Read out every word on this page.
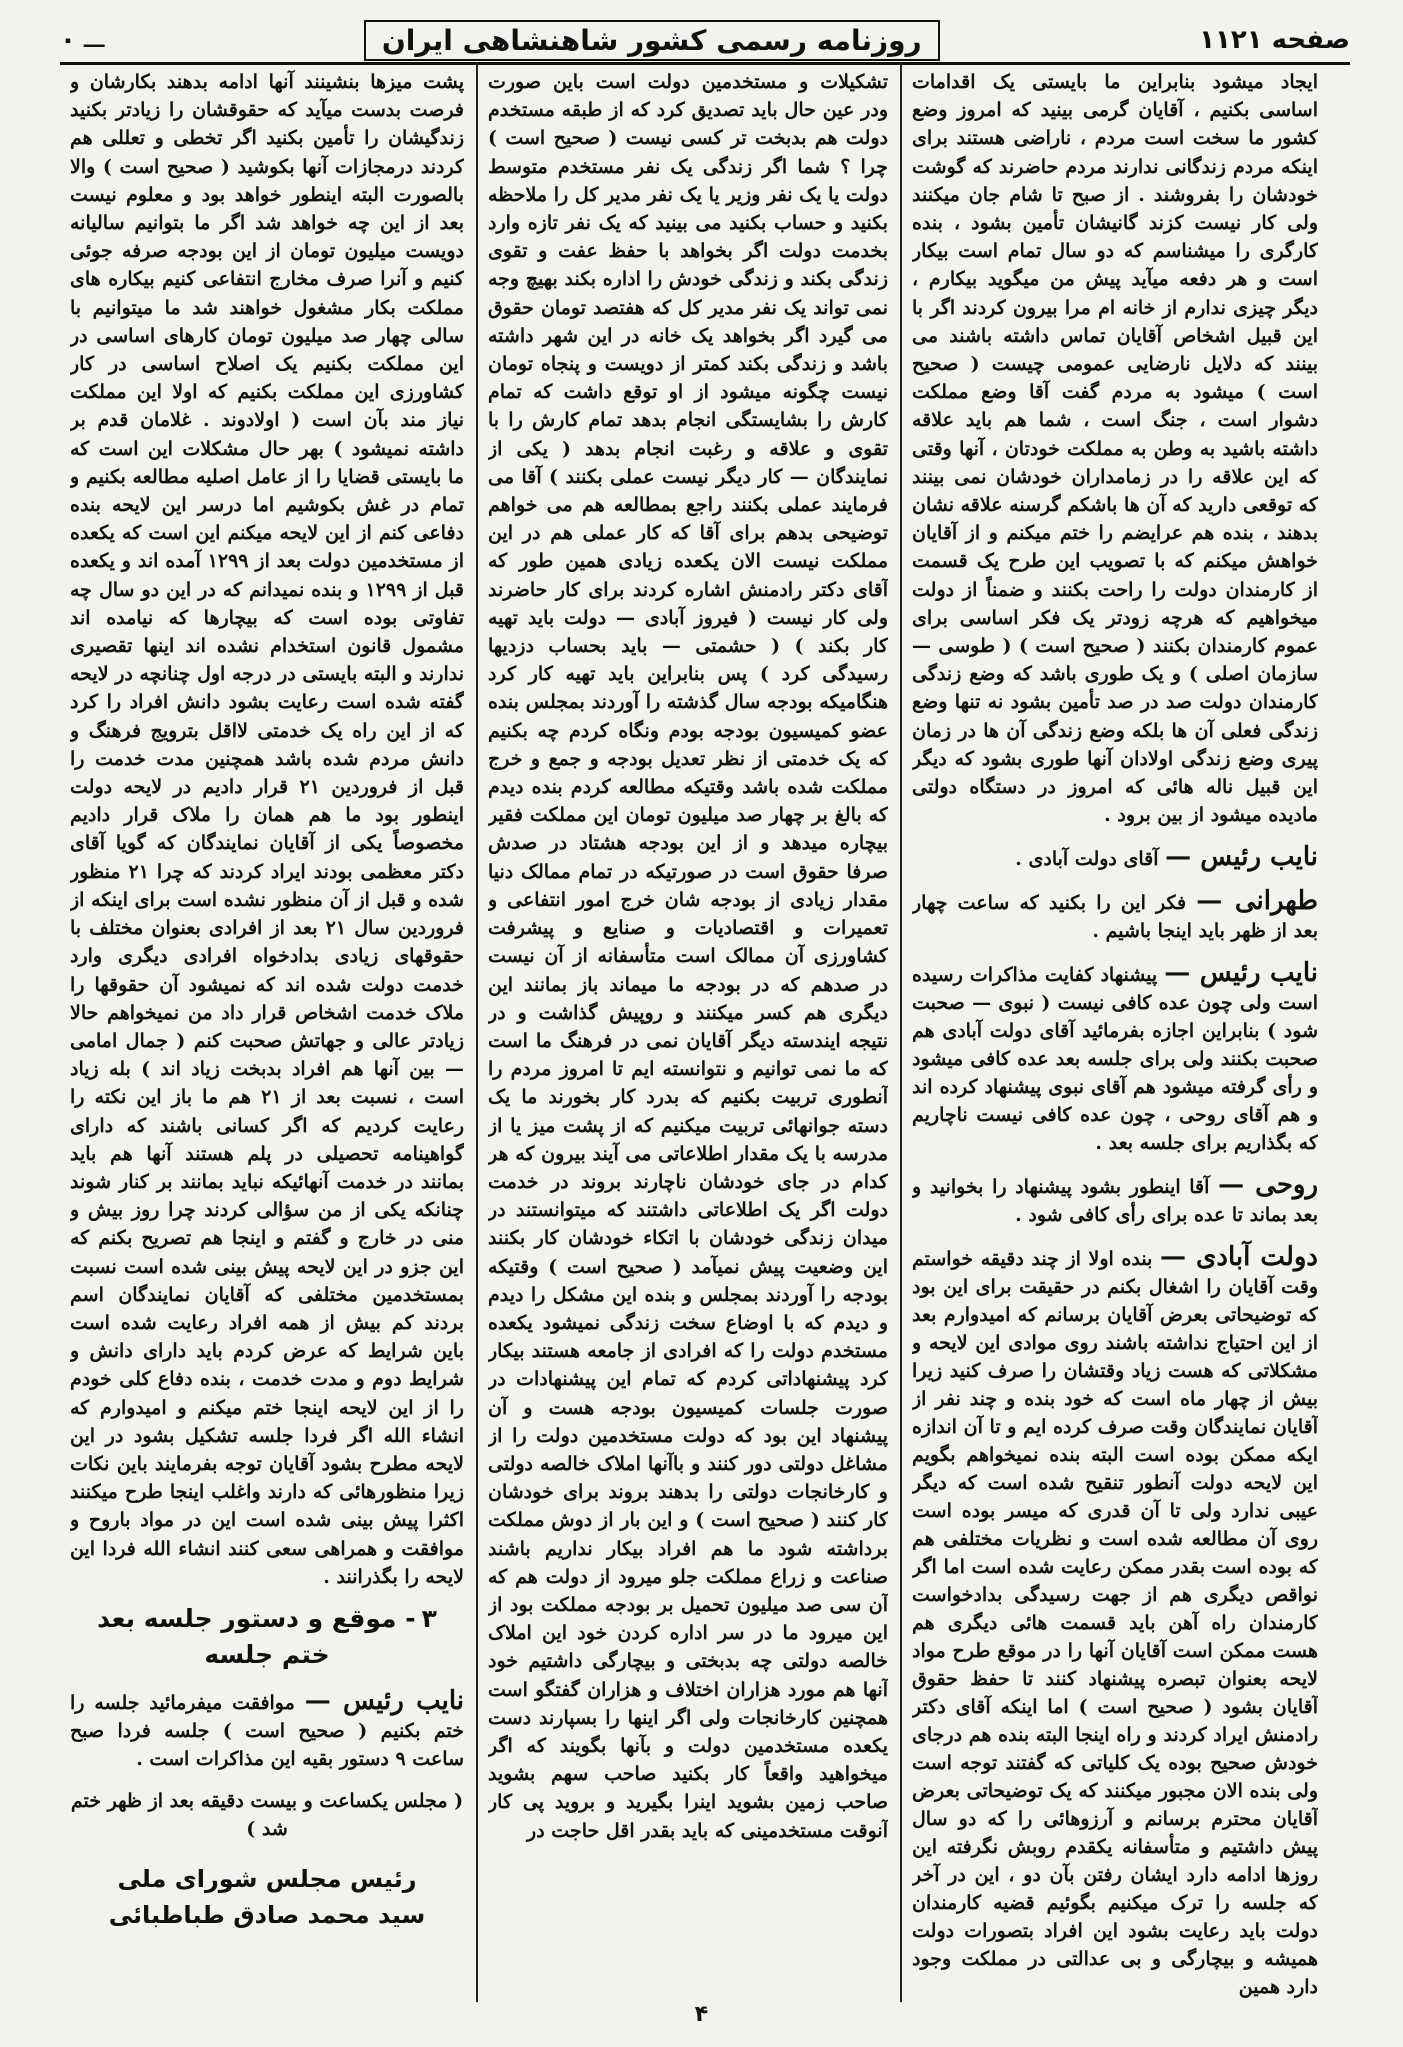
صفحه ۱۱۲۱
روزنامه رسمی کشور شاهنشاهی ایران
ـــ
۰

ایجاد میشود بنابراین ما بایستی یک اقدامات اساسی بکنیم ، آقایان گرمی بینید که امروز وضع کشور ما سخت است مردم ، ناراضی هستند برای اینکه مردم زندگانی ندارند مردم حاضرند که گوشت خودشان را بفروشند . از صبح تا شام جان میکنند ولی کار نیست کزند گانیشان تأمین بشود ، بنده کارگری را میشناسم که دو سال تمام است بیکار است و هر دفعه میآید پیش من میگوید بیکارم ، دیگر چیزی ندارم از خانه ام مرا بیرون کردند اگر با این قبیل اشخاص آقایان تماس داشته باشند می بینند که دلایل نارضایی عمومی چیست ( صحیح است ) میشود به مردم گفت آقا وضع مملکت دشوار است ، جنگ است ، شما هم باید علاقه داشته باشید به وطن به مملکت خودتان ، آنها وقتی که این علاقه را در زمامداران خودشان نمی بینند که توقعی دارید که آن ها باشکم گرسنه علاقه نشان بدهند ، بنده هم عرایضم را ختم میکنم و از آقایان خواهش میکنم که با تصویب این طرح یک قسمت از کارمندان دولت را راحت بکنند و ضمناً از دولت میخواهیم که هرچه زودتر یک فکر اساسی برای عموم کارمندان بکنند ( صحیح است ) ( طوسی — سازمان اصلی ) و یک طوری باشد که وضع زندگی کارمندان دولت صد در صد تأمین بشود نه تنها وضع زندگی فعلی آن ها بلکه وضع زندگی آن ها در زمان پیری وضع زندگی اولادان آنها طوری بشود که دیگر این قبیل ناله هائی که امروز در دستگاه دولتی مادیده میشود از بین برود .

نایب رئیس — آقای دولت آبادی .
طهرانی — فکر این را بکنید که ساعت چهار بعد از ظهر باید اینجا باشیم .
نایب رئیس — پیشنهاد کفایت مذاکرات رسیده است ولی چون عده کافی نیست ( نبوی — صحبت شود ) بنابراین اجازه بفرمائید آقای دولت آبادی هم صحبت بکنند ولی برای جلسه بعد عده کافی میشود و رأی گرفته میشود هم آقای نبوی پیشنهاد کرده اند و هم آقای روحی ، چون عده کافی نیست ناچاریم که بگذاریم برای جلسه بعد .
روحی — آقا اینطور بشود پیشنهاد را بخوانید و بعد بماند تا عده برای رأی کافی شود .
دولت آبادی — بنده اولا از چند دقیقه خواستم وقت آقایان را اشغال بکنم در حقیقت برای این بود که توضیحاتی بعرض آقایان برسانم که امیدوارم بعد از این احتیاج نداشته باشند روی موادی این لایحه و مشکلاتی که هست زیاد وقتشان را صرف کنید زیرا بیش از چهار ماه است که خود بنده و چند نفر از آقایان نمایندگان وقت صرف کرده ایم و تا آن اندازه ایکه ممکن بوده است البته بنده نمیخواهم بگویم این لایحه دولت آنطور تنقیح شده است که دیگر عیبی ندارد ولی تا آن قدری که میسر بوده است روی آن مطالعه شده است و نظریات مختلفی هم که بوده است بقدر ممکن رعایت شده است اما اگر نواقص دیگری هم از جهت رسیدگی بدادخواست کارمندان راه آهن باید قسمت هائی دیگری هم هست ممکن است آقایان آنها را در موقع طرح مواد لایحه بعنوان تبصره پیشنهاد کنند تا حفظ حقوق آقایان بشود ( صحیح است ) اما اینکه آقای دکتر رادمنش ایراد کردند و راه اینجا البته بنده هم درجای خودش صحیح بوده یک کلیاتی که گفتند توجه است ولی بنده الان مجبور میکنند که یک توضیحاتی بعرض آقایان محترم برسانم و آرزوهائی را که دو سال پیش داشتیم و متأسفانه یکقدم روبش نگرفته این روزها ادامه دارد ایشان رفتن بآن دو ، این در آخر که جلسه را ترک میکنیم بگوئیم قضیه کارمندان دولت باید رعایت بشود این افراد بتصورات دولت همیشه و بیچارگی و بی عدالتی در مملکت وجود دارد همین

تشکیلات و مستخدمین دولت است باین صورت ودر عین حال باید تصدیق کرد که از طبقه مستخدم دولت هم بدبخت تر کسی نیست ( صحیح است ) چرا ؟ شما اگر زندگی یک نفر مستخدم متوسط دولت یا یک نفر وزیر یا یک نفر مدیر کل را ملاحظه بکنید و حساب بکنید می بینید که یک نفر تازه وارد بخدمت دولت اگر بخواهد با حفظ عفت و تقوی زندگی بکند و زندگی خودش را اداره بکند بهیچ وجه نمی تواند یک نفر مدیر کل که هفتصد تومان حقوق می گیرد اگر بخواهد یک خانه در این شهر داشته باشد و زندگی بکند کمتر از دویست و پنجاه تومان نیست چگونه میشود از او توقع داشت که تمام کارش را بشایستگی انجام بدهد تمام کارش را با تقوی و علاقه و رغبت انجام بدهد ( یکی از نمایندگان — کار دیگر نیست عملی بکنند ) آقا می فرمایند عملی بکنند راجع بمطالعه هم می خواهم توضیحی بدهم برای آقا که کار عملی هم در این مملکت نیست الان یکعده زیادی همین طور که آقای دکتر رادمنش اشاره کردند برای کار حاضرند ولی کار نیست ( فیروز آبادی — دولت باید تهیه کار بکند ) ( حشمتی — باید بحساب دزدیها رسیدگی کرد ) پس بنابراین باید تهیه کار کرد هنگامیکه بودجه سال گذشته را آوردند بمجلس بنده عضو کمیسیون بودجه بودم ونگاه کردم چه بکنیم که یک خدمتی از نظر تعدیل بودجه و جمع و خرج مملکت شده باشد وقتیکه مطالعه کردم بنده دیدم که بالغ بر چهار صد میلیون تومان این مملکت فقیر بیچاره میدهد و از این بودجه هشتاد در صدش صرفا حقوق است در صورتیکه در تمام ممالک دنیا مقدار زیادی از بودجه شان خرج امور انتفاعی و تعمیرات و اقتصادیات و صنایع و پیشرفت کشاورزی آن ممالک است متأسفانه از آن نیست در صدهم که در بودجه ما میماند باز بمانند این دیگری هم کسر میکنند و روپیش گذاشت و در نتیجه ایندسته دیگر آقایان نمی در فرهنگ ما است که ما نمی توانیم و نتوانسته ایم تا امروز مردم را آنطوری تربیت بکنیم که بدرد کار بخورند ما یک دسته جوانهائی تربیت میکنیم که از پشت میز یا از مدرسه با یک مقدار اطلاعاتی می آیند بیرون که هر کدام در جای خودشان ناچارند بروند در خدمت دولت اگر یک اطلاعاتی داشتند که میتوانستند در میدان زندگی خودشان با اتکاء خودشان کار بکنند این وضعیت پیش نمیآمد ( صحیح است ) وقتیکه بودجه را آوردند بمجلس و بنده این مشکل را دیدم و دیدم که با اوضاع سخت زندگی نمیشود یکعده مستخدم دولت را که افرادی از جامعه هستند بیکار کرد پیشنهاداتی کردم که تمام این پیشنهادات در صورت جلسات کمیسیون بودجه هست و آن پیشنهاد این بود که دولت مستخدمین دولت را از مشاغل دولتی دور کنند و باآنها املاک خالصه دولتی و کارخانجات دولتی را بدهند بروند برای خودشان کار کنند ( صحیح است ) و این بار از دوش مملکت برداشته شود ما هم افراد بیکار نداریم باشند صناعت و زراع مملکت جلو میرود از دولت هم که آن سی صد میلیون تحمیل بر بودجه مملکت بود از این میرود ما در سر اداره کردن خود این املاک خالصه دولتی چه بدبختی و بیچارگی داشتیم خود آنها هم مورد هزاران اختلاف و هزاران گفتگو است همچنین کارخانجات ولی اگر اینها را بسپارند دست یکعده مستخدمین دولت و بآنها بگویند که اگر میخواهید واقعاً کار بکنید صاحب سهم بشوید صاحب زمین بشوید اینرا بگیرید و بروید پی کار آنوقت مستخدمینی که باید بقدر اقل حاجت در

پشت میزها بنشینند آنها ادامه بدهند بکارشان و فرصت بدست میآید که حقوقشان را زیادتر بکنید زندگیشان را تأمین بکنید اگر تخطی و تعللی هم کردند درمجازات آنها بکوشید ( صحیح است ) والا بالصورت البته اینطور خواهد بود و معلوم نیست بعد از این چه خواهد شد اگر ما بتوانیم سالیانه دویست میلیون تومان از این بودجه صرفه جوئی کنیم و آنرا صرف مخارج انتفاعی کنیم بیکاره های مملکت بکار مشغول خواهند شد ما میتوانیم با سالی چهار صد میلیون تومان کارهای اساسی در این مملکت بکنیم یک اصلاح اساسی در کار کشاورزی این مملکت بکنیم که اولا این مملکت نیاز مند بآن است ( اولادوند . غلامان قدم بر داشته نمیشود ) بهر حال مشکلات این است که ما بایستی قضایا را از عامل اصلیه مطالعه بکنیم و تمام در غش بکوشیم اما درسر این لایحه بنده دفاعی کنم از این لایحه میکنم این است که یکعده از مستخدمین دولت بعد از ۱۲۹۹ آمده اند و یکعده قبل از ۱۲۹۹ و بنده نمیدانم که در این دو سال چه تفاوتی بوده است که بیچارها که نیامده اند مشمول قانون استخدام نشده اند اینها تقصیری ندارند و البته بایستی در درجه اول چنانچه در لایحه گفته شده است رعایت بشود دانش افراد را کرد که از این راه یک خدمتی لااقل بترویج فرهنگ و دانش مردم شده باشد همچنین مدت خدمت را قبل از فروردین ۲۱ قرار دادیم در لایحه دولت اینطور بود ما هم همان را ملاک قرار دادیم مخصوصاً یکی از آقایان نمایندگان که گویا آقای دکتر معظمی بودند ایراد کردند که چرا ۲۱ منظور شده و قبل از آن منظور نشده است برای اینکه از فروردین سال ۲۱ بعد از افرادی بعنوان مختلف با حقوقهای زیادی بدادخواه افرادی دیگری وارد خدمت دولت شده اند که نمیشود آن حقوقها را ملاک خدمت اشخاص قرار داد من نمیخواهم حالا زیادتر عالی و جهاتش صحبت کنم ( جمال امامی — بین آنها هم افراد بدبخت زیاد اند ) بله زیاد است ، نسبت بعد از ۲۱ هم ما باز این نکته را رعایت کردیم که اگر کسانی باشند که دارای گواهینامه تحصیلی در پلم هستند آنها هم باید بمانند در خدمت آنهائیکه نباید بمانند بر کنار شوند چنانکه یکی از من سؤالی کردند چرا روز بیش و منی در خارج و گفتم و اینجا هم تصریح بکنم که این جزو در این لایحه پیش بینی شده است نسبت بمستخدمین مختلفی که آقایان نمایندگان اسم بردند کم بیش از همه افراد رعایت شده است باین شرایط که عرض کردم باید دارای دانش و شرایط دوم و مدت خدمت ، بنده دفاع کلی خودم را از این لایحه اینجا ختم میکنم و امیدوارم که انشاء الله اگر فردا جلسه تشکیل بشود در این لایحه مطرح بشود آقایان توجه بفرمایند باین نکات زیرا منظورهائی که دارند واغلب اینجا طرح میکنند اکثرا پیش بینی شده است این در مواد باروح و موافقت و همراهی سعی کنند انشاء الله فردا این لایحه را بگذرانند .

۳- موقع و دستور جلسه بعد ختم جلسه
نایب رئیس — موافقت میفرمائید جلسه را ختم بکنیم ( صحیح است ) جلسه فردا صبح ساعت ۹ دستور بقیه این مذاکرات است .
( مجلس یکساعت و بیست دقیقه بعد از ظهر ختم شد )
رئیس مجلس شورای ملی
سید محمد صادق طباطبائی
۴
